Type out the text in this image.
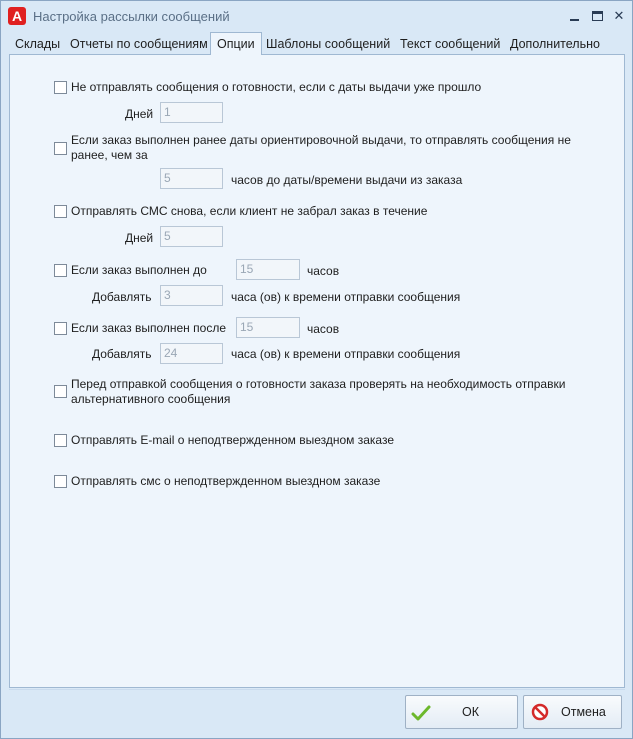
A Настройка рассылки сообщений	✕
Склады Отчеты по сообщениям Опции Шаблоны сообщений Текст сообщений Дополнительно
Не отправлять сообщения о готовности, если с даты выдачи уже прошло
Дней 1
Если заказ выполнен ранее даты ориентировочной выдачи, то отправлять сообщения не ранее, чем за
5	часов до даты/времени выдачи из заказа
Отправлять СМС снова, если клиент не забрал заказ в течение
Дней 5
Если заказ выполнен до	15	часов
Добавлять	3	часа (ов) к времени отправки сообщения
Если заказ выполнен после	15	часов
Добавлять	24	часа (ов) к времени отправки сообщения
Перед отправкой сообщения о готовности заказа проверять на необходимость отправки альтернативного сообщения
Отправлять E-mail о неподтвержденном выездном заказе
Отправлять смс о неподтвержденном выездном заказе
ОК	Отмена
